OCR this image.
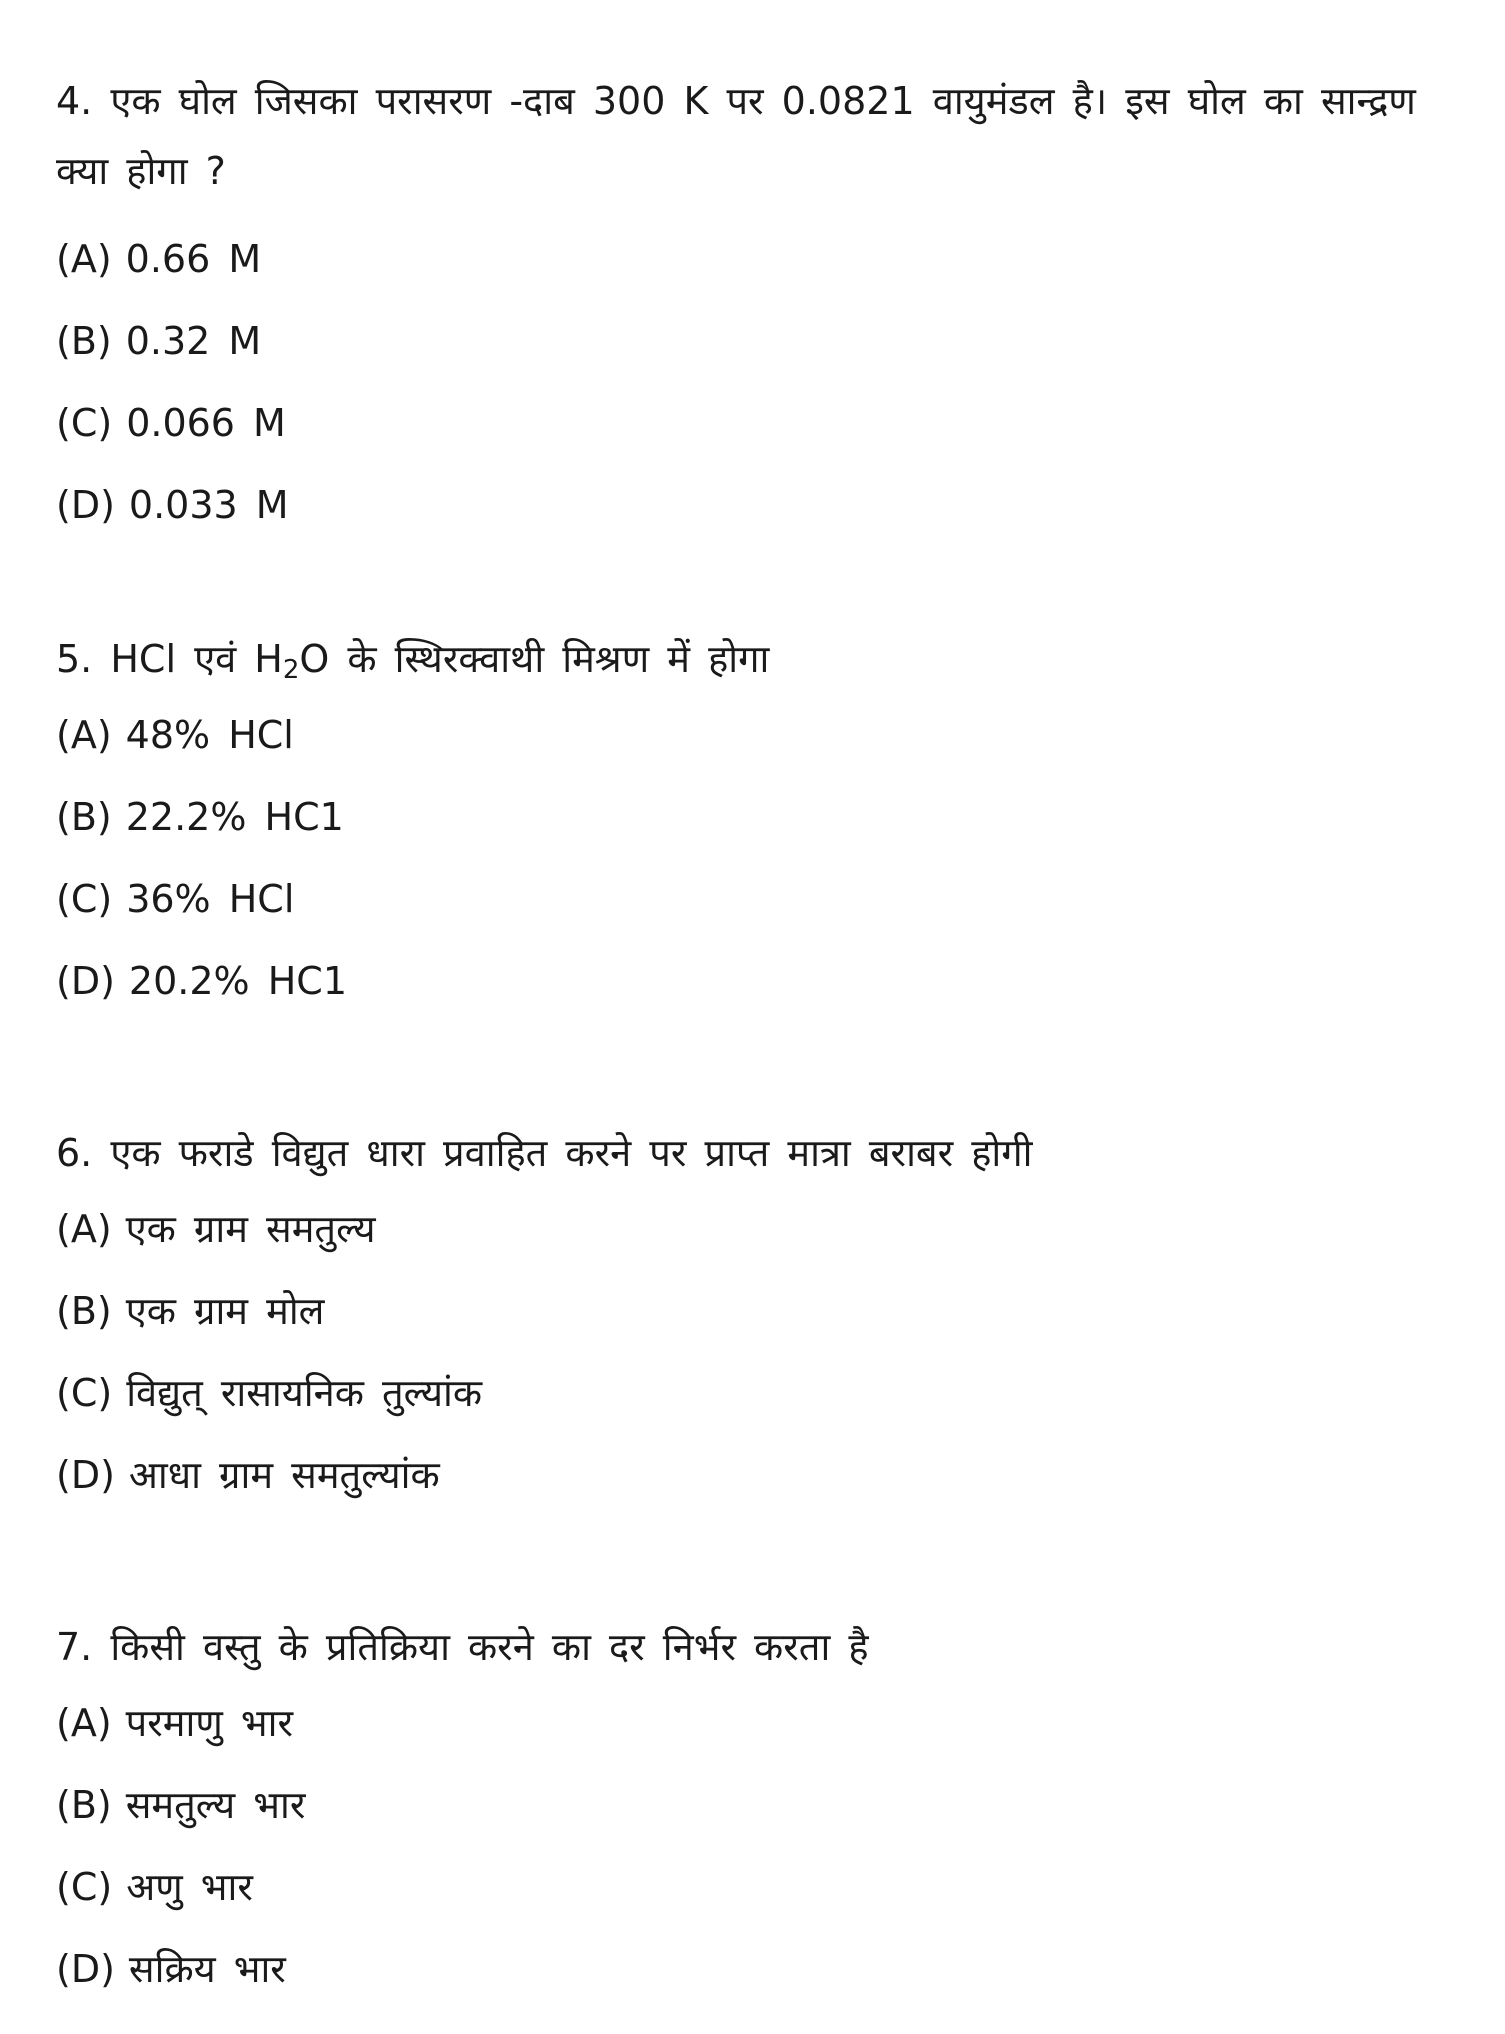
4. एक घोल जिसका परासरण -दाब 300 K पर 0.0821 वायुमंडल है। इस घोल का सान्द्रण क्या होगा ?

(A) 0.66 M
(B) 0.32 M
(C) 0.066 M
(D) 0.033 M

5. HCl एवं $H_2O$ के स्थिरक्वाथी मिश्रण में होगा

(A) 48% HCl
(B) 22.2% HC1
(C) 36% HCl
(D) 20.2% HC1

6. एक फराडे विद्युत धारा प्रवाहित करने पर प्राप्त मात्रा बराबर होगी

(A) एक ग्राम समतुल्य
(B) एक ग्राम मोल
(C) विद्युत् रासायनिक तुल्यांक
(D) आधा ग्राम समतुल्यांक

7. किसी वस्तु के प्रतिक्रिया करने का दर निर्भर करता है

(A) परमाणु भार
(B) समतुल्य भार
(C) अणु भार
(D) सक्रिय भार
